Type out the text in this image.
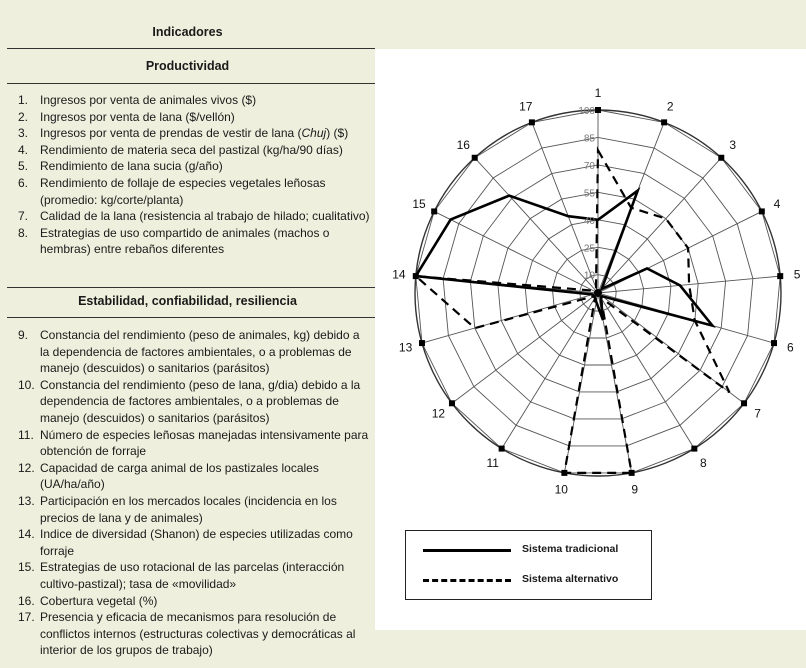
Indicadores
Productividad
1. Ingresos por venta de animales vivos ($)
2. Ingresos por venta de lana ($/vellón)
3. Ingresos por venta de prendas de vestir de lana (Chuj) ($)
4. Rendimiento de materia seca del pastizal (kg/ha/90 días)
5. Rendimiento de lana sucia (g/año)
6. Rendimiento de follaje de especies vegetales leñosas (promedio: kg/corte/planta)
7. Calidad de la lana (resistencia al trabajo de hilado; cualitativo)
8. Estrategias de uso compartido de animales (machos o hembras) entre rebaños diferentes
Estabilidad, confiabilidad, resiliencia
9. Constancia del rendimiento (peso de animales, kg) debido a la dependencia de factores ambientales, o a problemas de manejo (descuidos) o sanitarios (parásitos)
10. Constancia del rendimiento (peso de lana, g/dia) debido a la dependencia de factores ambientales, o a problemas de manejo (descuidos) o sanitarios (parásitos)
11. Número de especies leñosas manejadas intensivamente para obtención de forraje
12. Capacidad de carga animal de los pastizales locales (UA/ha/año)
13. Participación en los mercados locales (incidencia en los precios de lana y de animales)
14. Indice de diversidad (Shanon) de especies utilizadas como forraje
15. Estrategias de uso rotacional de las parcelas (interacción cultivo-pastizal); tasa de «movilidad»
16. Cobertura vegetal (%)
17. Presencia y eficacia de mecanismos para resolución de conflictos internos (estructuras colectivas y democráticas al interior de los grupos de trabajo)
10
25
40
55
70
85
100
1
2
3
4
5
6
7
8
9
10
11
12
13
14
15
16
17
Sistema tradicional
Sistema alternativo
